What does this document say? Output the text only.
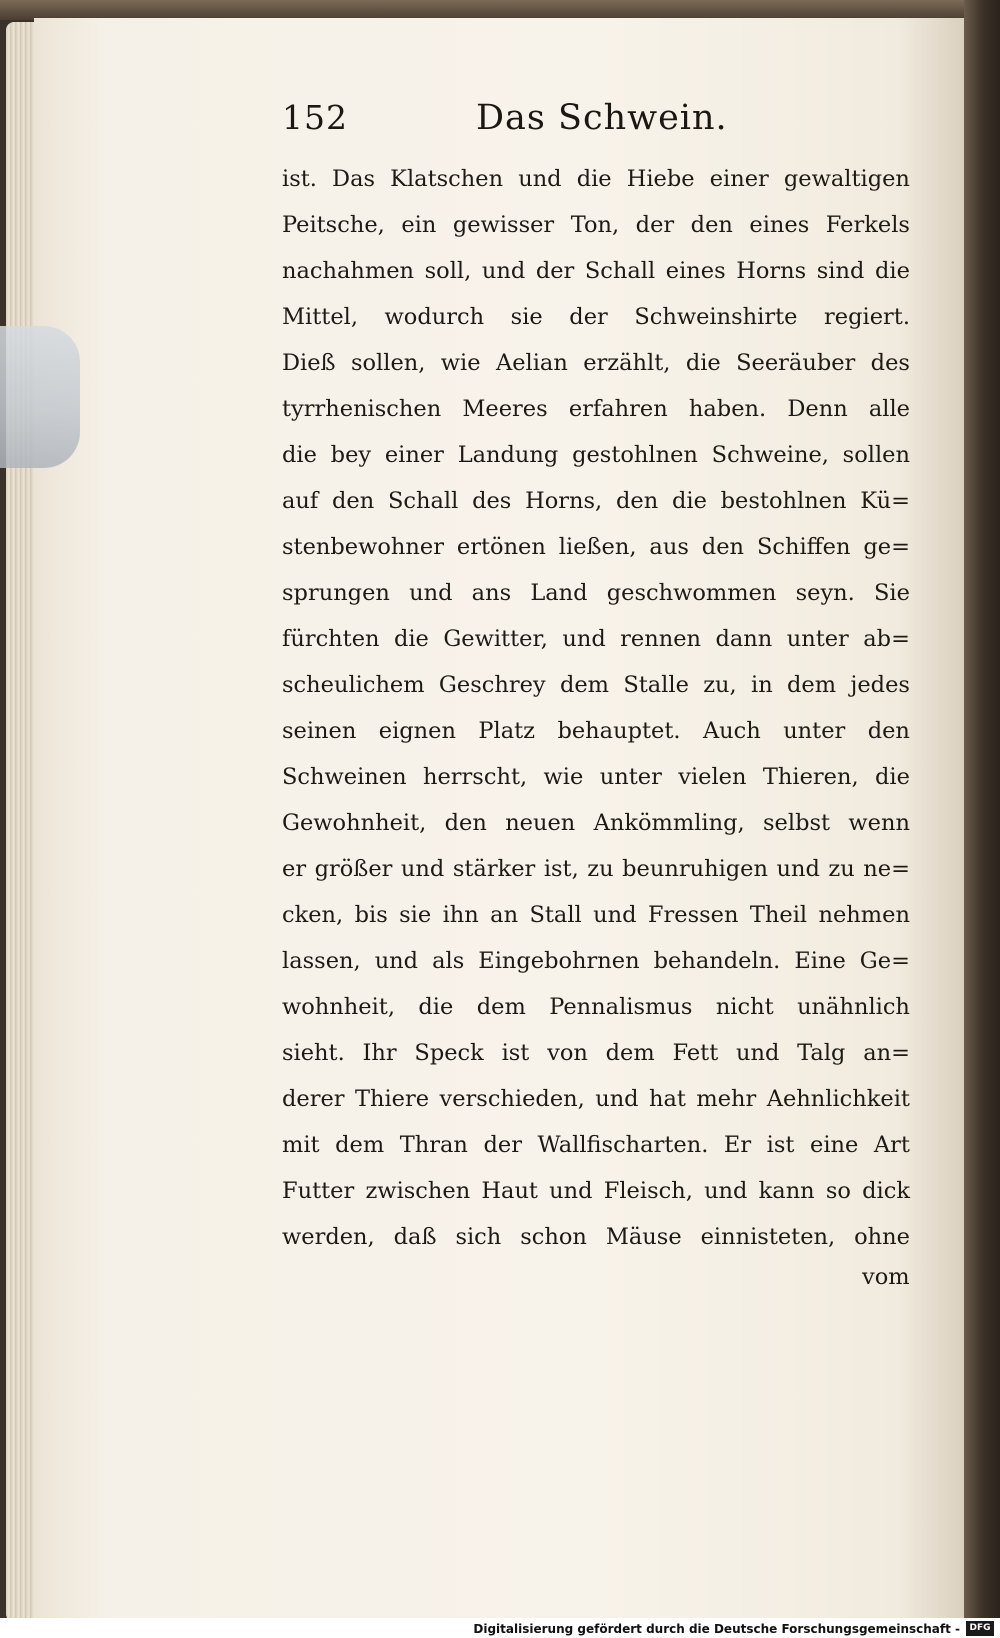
152	Das Schwein.
ist. Das Klatschen und die Hiebe einer gewaltigen
Peitsche, ein gewisser Ton, der den eines Ferkels
nachahmen soll, und der Schall eines Horns sind die
Mittel, wodurch sie der Schweinshirte regiert.
Dieß sollen, wie Aelian erzählt, die Seeräuber des
tyrrhenischen Meeres erfahren haben. Denn alle
die bey einer Landung gestohlnen Schweine, sollen
auf den Schall des Horns, den die bestohlnen Kü=
stenbewohner ertönen ließen, aus den Schiffen ge=
sprungen und ans Land geschwommen seyn. Sie
fürchten die Gewitter, und rennen dann unter ab=
scheulichem Geschrey dem Stalle zu, in dem jedes
seinen eignen Platz behauptet. Auch unter den
Schweinen herrscht, wie unter vielen Thieren, die
Gewohnheit, den neuen Ankömmling, selbst wenn
er größer und stärker ist, zu beunruhigen und zu ne=
cken, bis sie ihn an Stall und Fressen Theil nehmen
lassen, und als Eingebohrnen behandeln. Eine Ge=
wohnheit, die dem Pennalismus nicht unähnlich
sieht. Ihr Speck ist von dem Fett und Talg an=
derer Thiere verschieden, und hat mehr Aehnlichkeit
mit dem Thran der Wallfischarten. Er ist eine Art
Futter zwischen Haut und Fleisch, und kann so dick
werden, daß sich schon Mäuse einnisteten, ohne
vom
Digitalisierung gefördert durch die Deutsche Forschungsgemeinschaft -	DFG
